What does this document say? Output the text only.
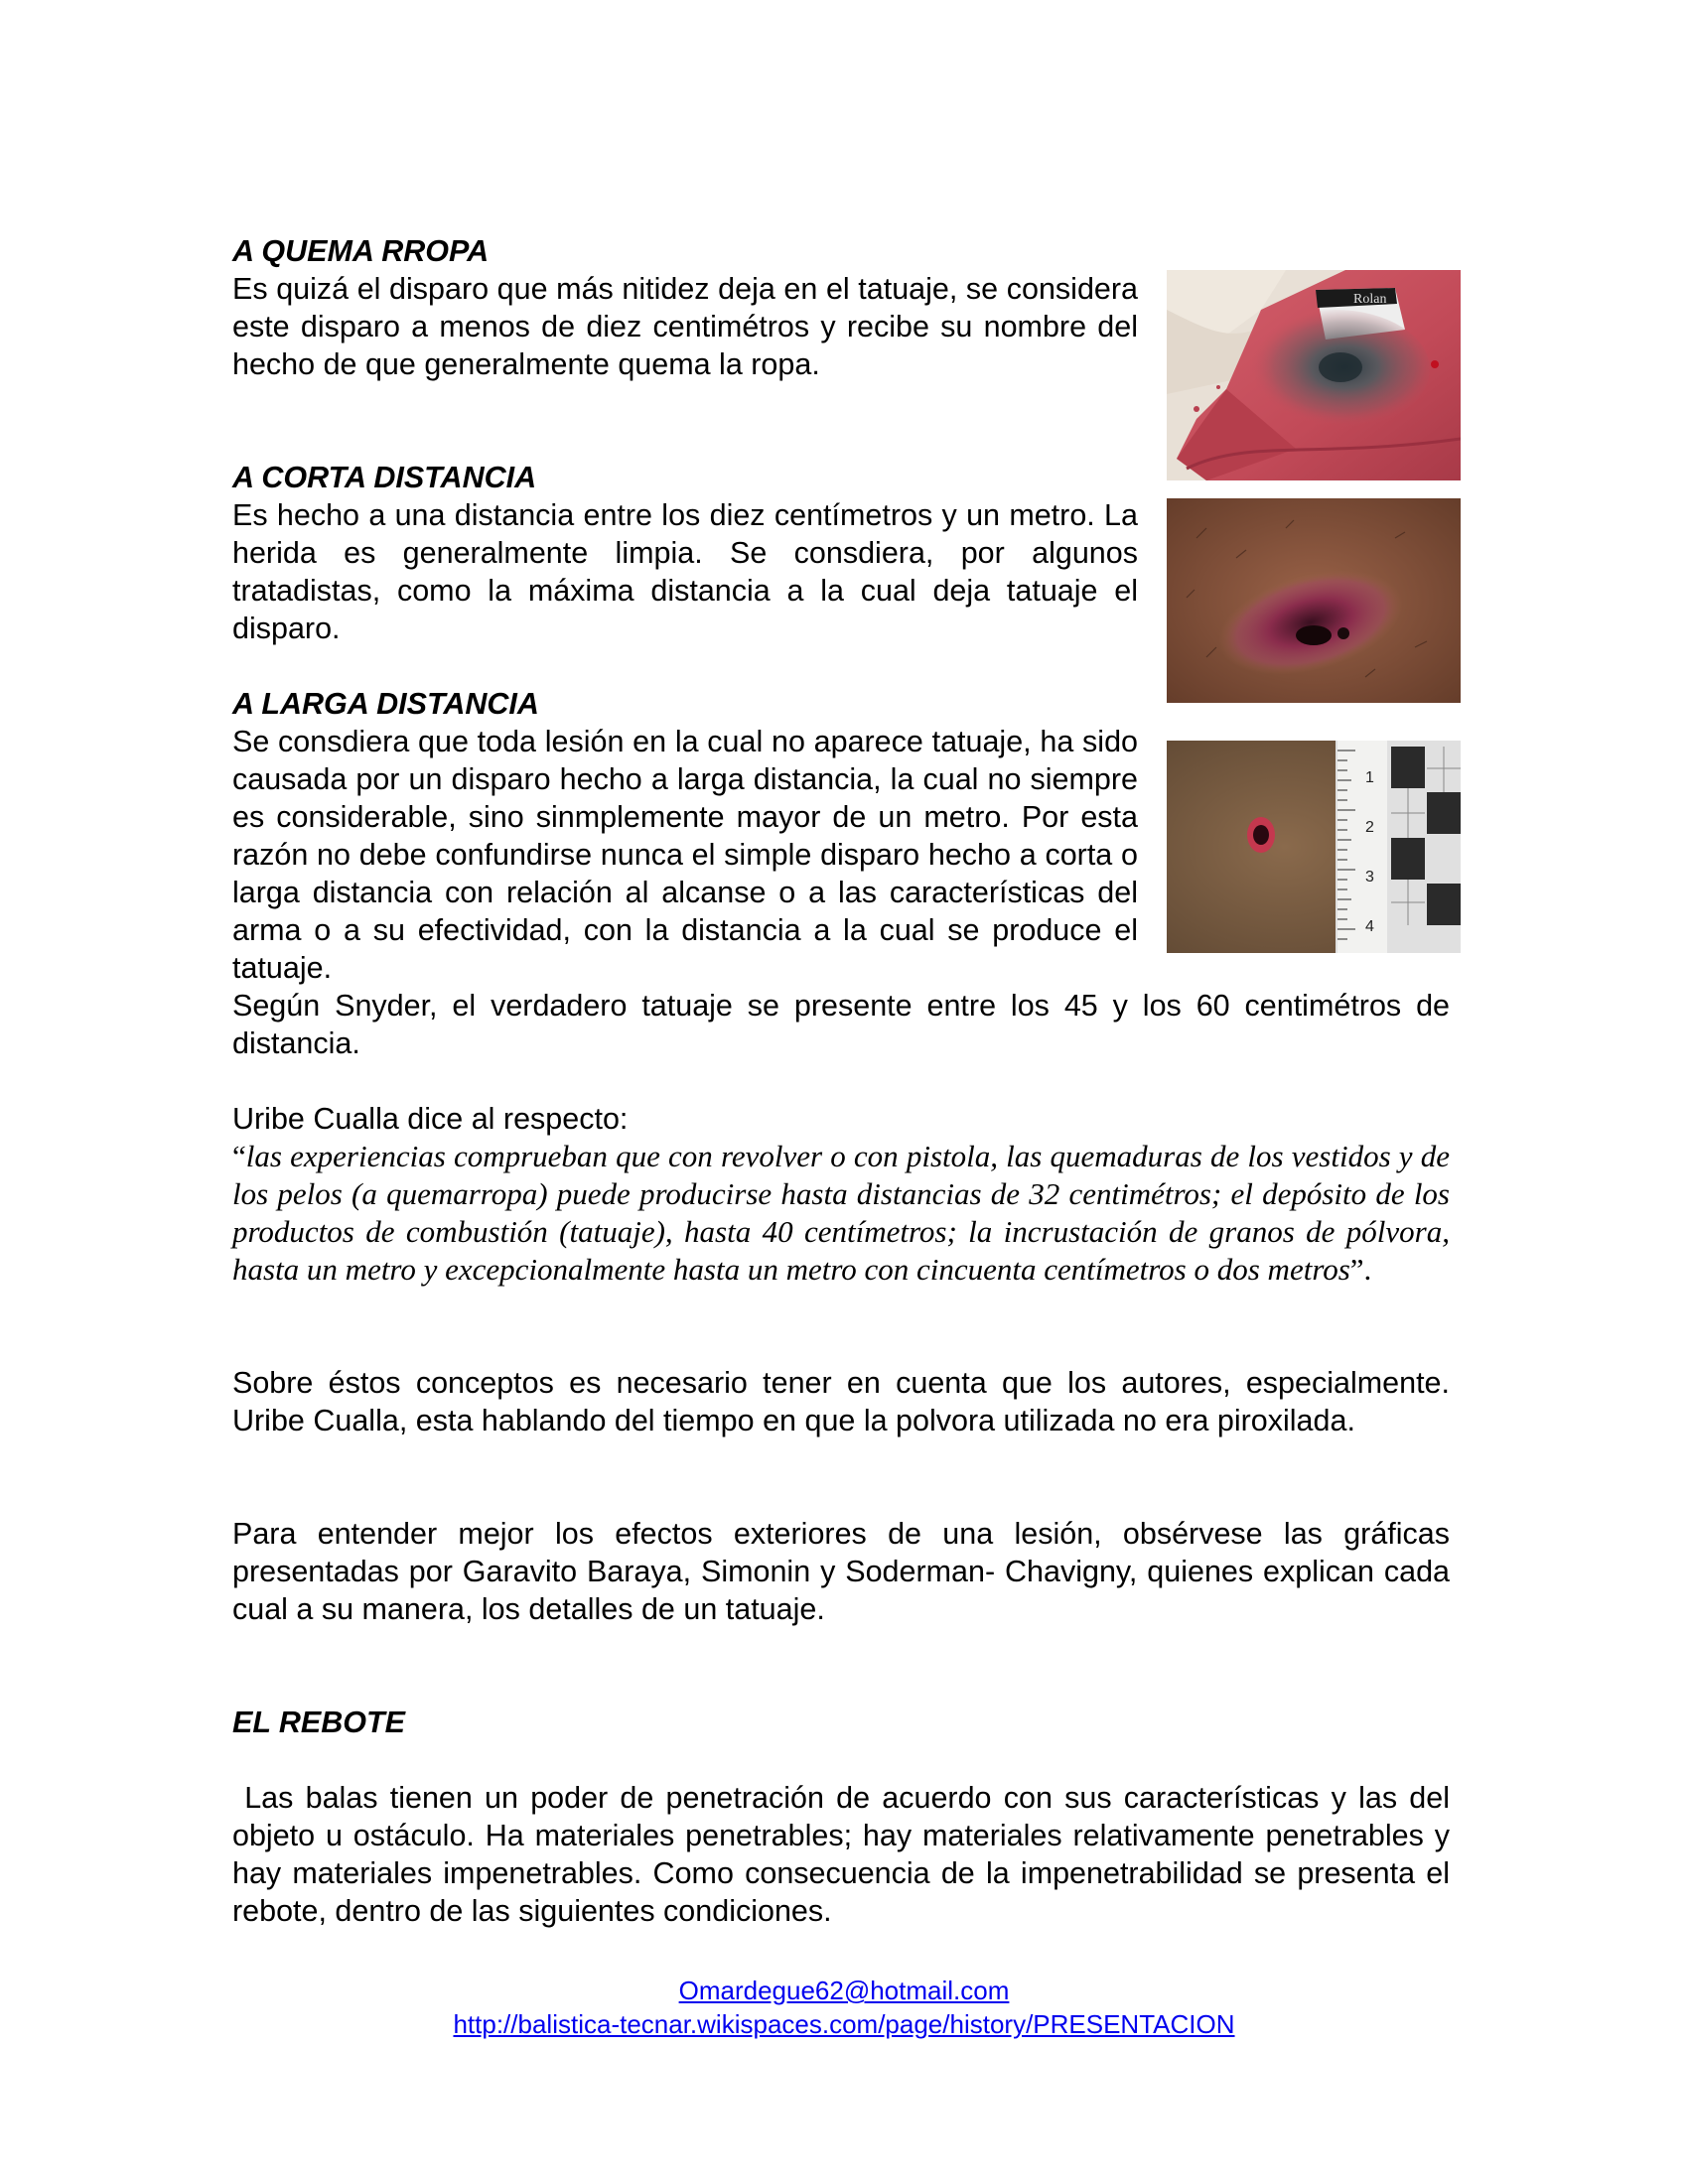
A QUEMA RROPA

Es quizá el disparo que más nitidez deja en el tatuaje, se considera este disparo a menos de diez centimétros y recibe su nombre del hecho de que generalmente quema la ropa.

A CORTA DISTANCIA

Es hecho a una distancia entre los diez centímetros y un metro. La herida es generalmente limpia. Se consdiera, por algunos tratadistas, como la máxima distancia a la cual deja tatuaje el disparo.

A LARGA DISTANCIA

Se consdiera que toda lesión en la cual no aparece tatuaje, ha sido causada por un disparo hecho a larga distancia, la cual no siempre es considerable, sino sinmplemente mayor de un metro. Por esta razón no debe confundirse nunca el simple disparo hecho a corta o larga distancia con relación al alcanse o a las características del arma o a su efectividad, con la distancia a la cual se produce el tatuaje.

Según Snyder, el verdadero tatuaje se presente entre los 45 y los 60 centimétros de distancia.

Uribe Cualla dice al respecto:

“las experiencias comprueban que con revolver o con pistola, las quemaduras de los vestidos y de los pelos (a quemarropa) puede producirse hasta distancias de 32 centimétros; el depósito de los productos de combustión (tatuaje), hasta 40 centímetros; la incrustación de granos de pólvora, hasta un metro y excepcionalmente hasta un metro con cincuenta centímetros o dos metros”.

Sobre éstos conceptos es necesario tener en cuenta que los autores, especialmente. Uribe Cualla, esta hablando del tiempo en que la polvora utilizada no era piroxilada.

Para entender mejor los efectos exteriores de una lesión, obsérvese las gráficas presentadas por Garavito Baraya, Simonin y Soderman- Chavigny, quienes explican cada cual a su manera, los detalles de un tatuaje.

EL REBOTE

Las balas tienen un poder de penetración de acuerdo con sus características y las del objeto u ostáculo. Ha materiales penetrables; hay materiales relativamente penetrables y hay materiales impenetrables. Como consecuencia de la impenetrabilidad se presenta el rebote, dentro de las siguientes condiciones.

Rolan
1
2
3
4
Omardegue62@hotmail.com
http://balistica-tecnar.wikispaces.com/page/history/PRESENTACION
